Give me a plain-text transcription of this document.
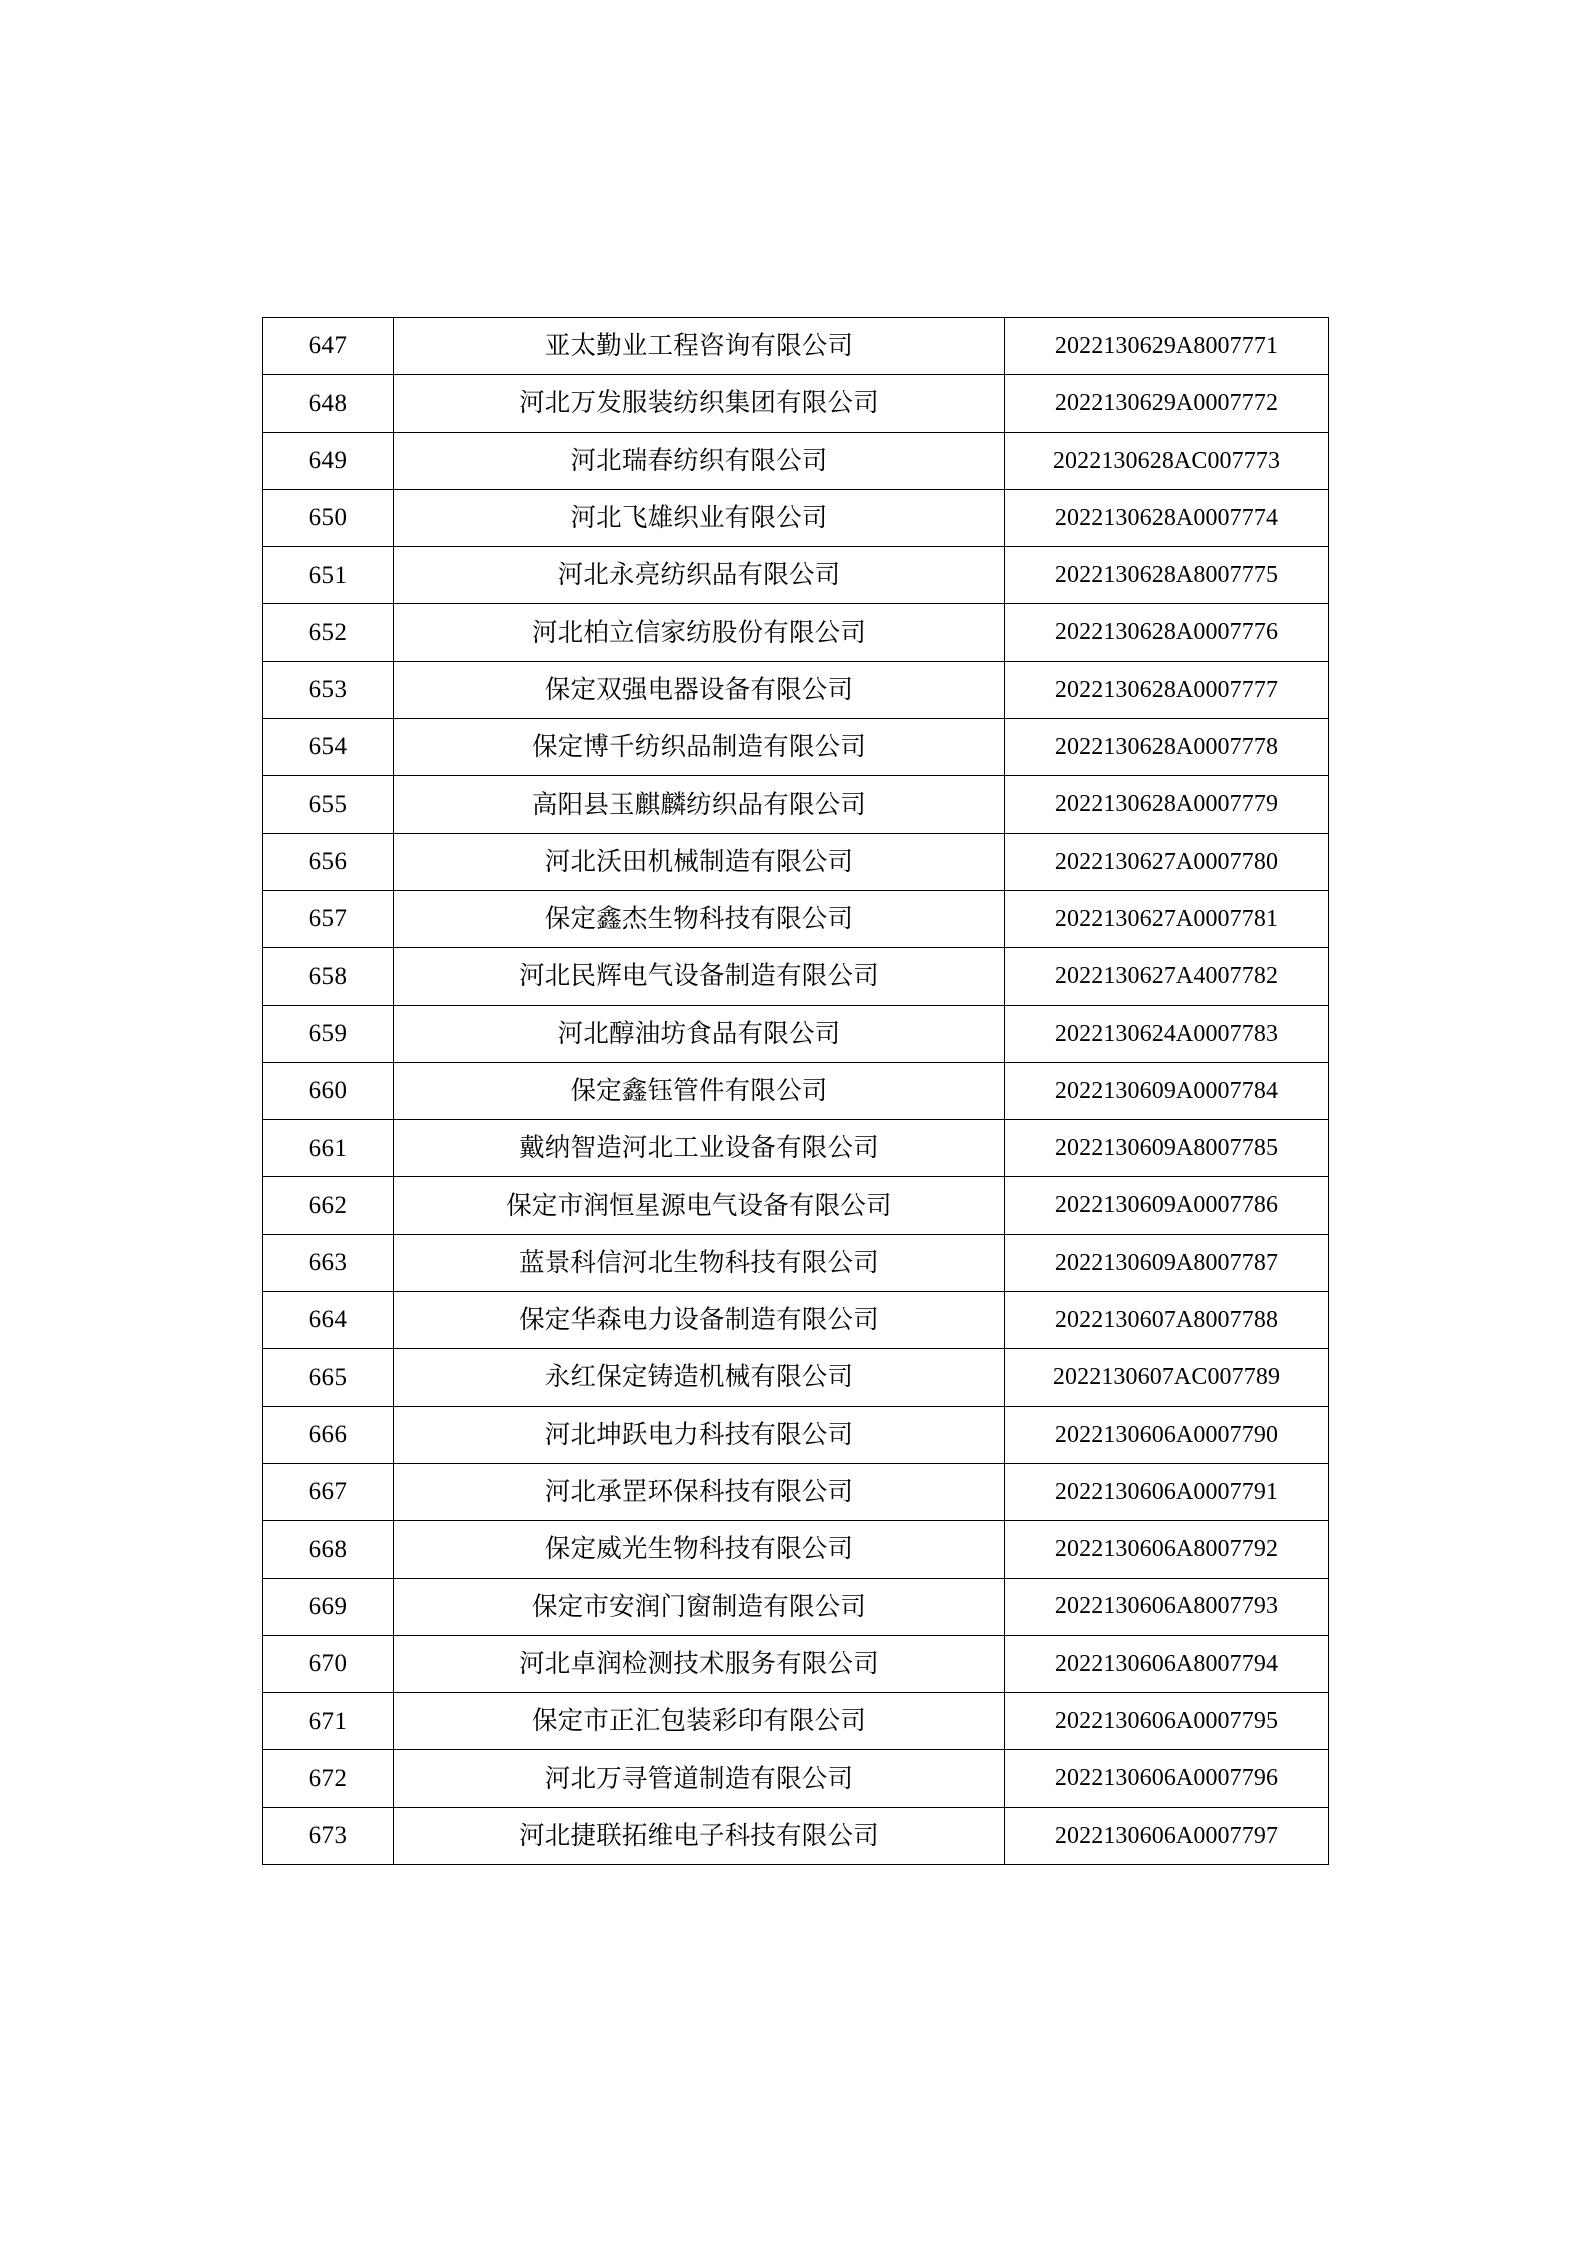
647	亚太勤业工程咨询有限公司	2022130629A8007771
648	河北万发服装纺织集团有限公司	2022130629A0007772
649	河北瑞春纺织有限公司	2022130628AC007773
650	河北飞雄织业有限公司	2022130628A0007774
651	河北永亮纺织品有限公司	2022130628A8007775
652	河北柏立信家纺股份有限公司	2022130628A0007776
653	保定双强电器设备有限公司	2022130628A0007777
654	保定博千纺织品制造有限公司	2022130628A0007778
655	高阳县玉麒麟纺织品有限公司	2022130628A0007779
656	河北沃田机械制造有限公司	2022130627A0007780
657	保定鑫杰生物科技有限公司	2022130627A0007781
658	河北民辉电气设备制造有限公司	2022130627A4007782
659	河北醇油坊食品有限公司	2022130624A0007783
660	保定鑫钰管件有限公司	2022130609A0007784
661	戴纳智造河北工业设备有限公司	2022130609A8007785
662	保定市润恒星源电气设备有限公司	2022130609A0007786
663	蓝景科信河北生物科技有限公司	2022130609A8007787
664	保定华森电力设备制造有限公司	2022130607A8007788
665	永红保定铸造机械有限公司	2022130607AC007789
666	河北坤跃电力科技有限公司	2022130606A0007790
667	河北承罡环保科技有限公司	2022130606A0007791
668	保定威光生物科技有限公司	2022130606A8007792
669	保定市安润门窗制造有限公司	2022130606A8007793
670	河北卓润检测技术服务有限公司	2022130606A8007794
671	保定市正汇包装彩印有限公司	2022130606A0007795
672	河北万寻管道制造有限公司	2022130606A0007796
673	河北捷联拓维电子科技有限公司	2022130606A0007797
